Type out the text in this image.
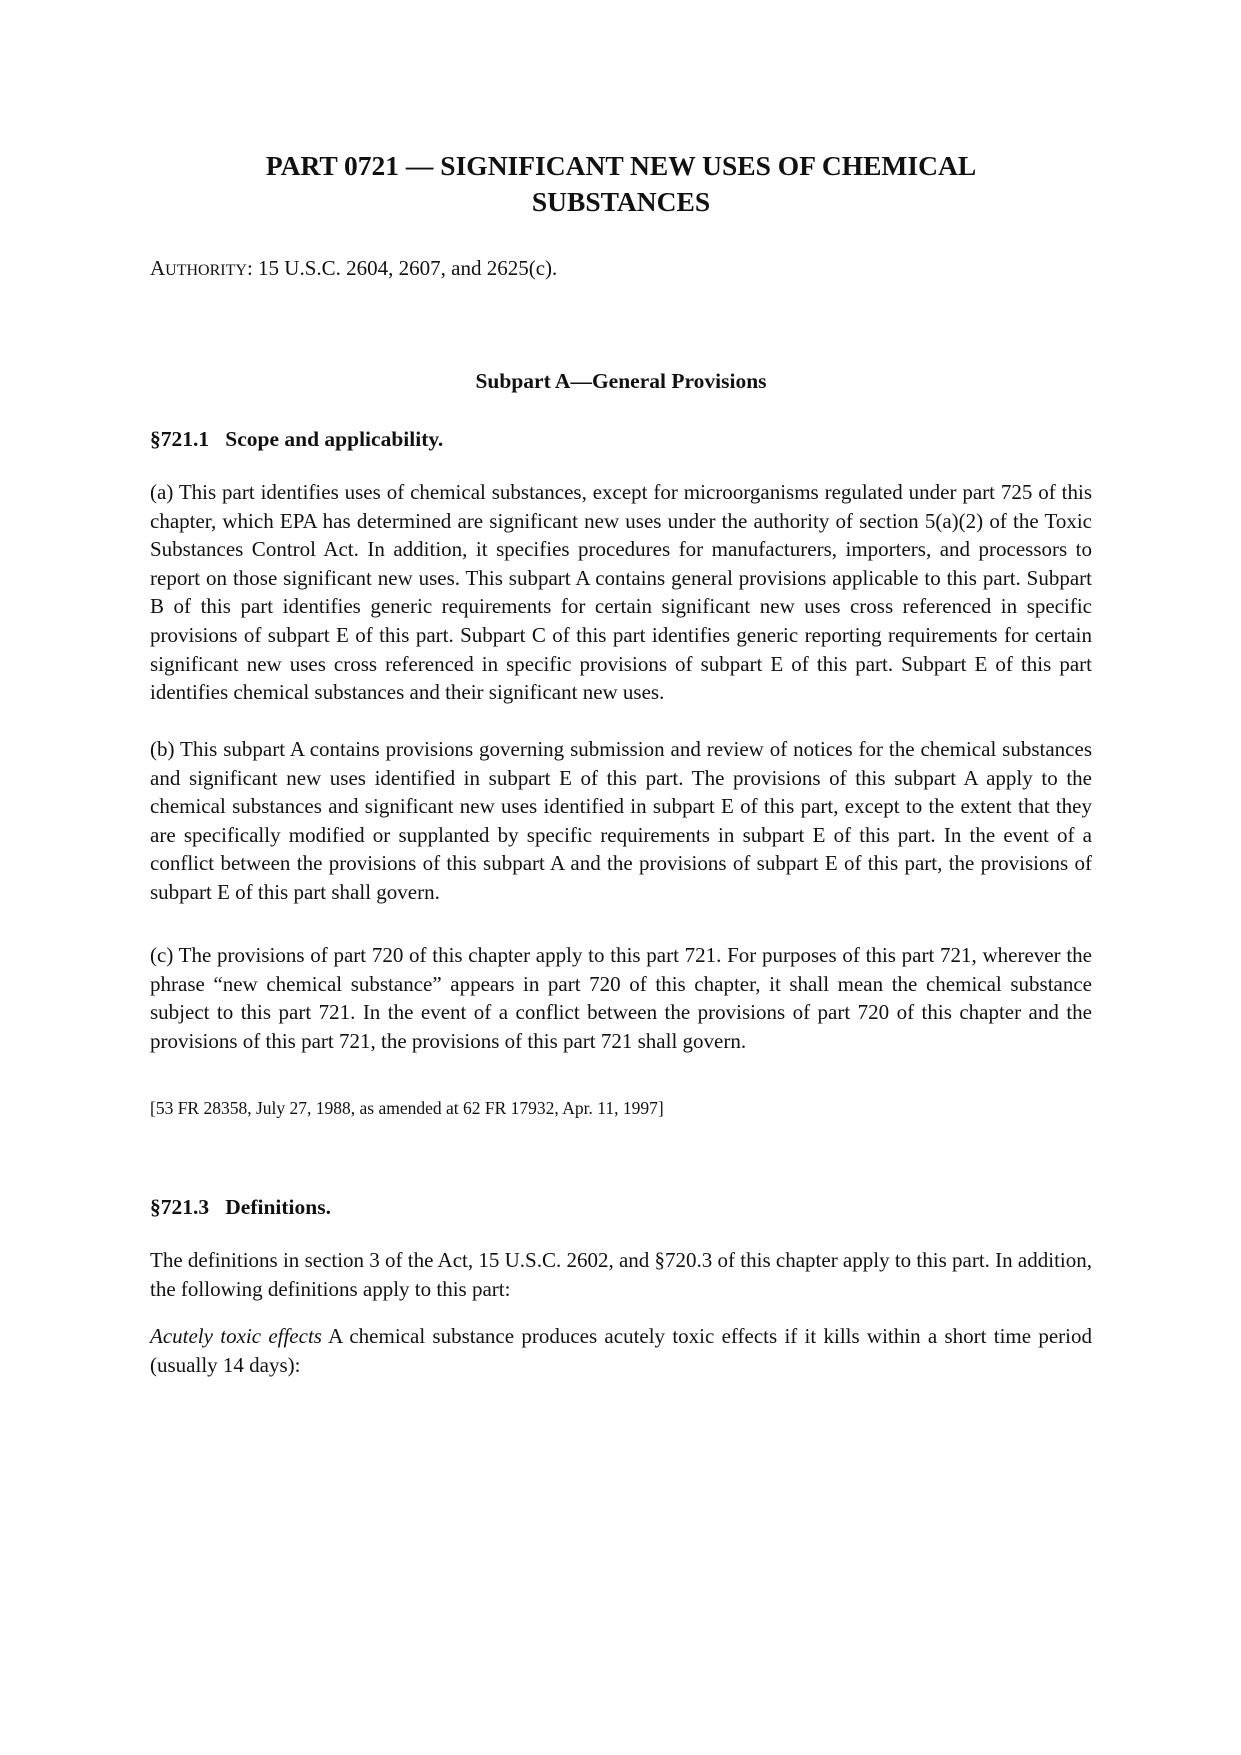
PART 0721 — SIGNIFICANT NEW USES OF CHEMICAL
SUBSTANCES

AUTHORITY: 15 U.S.C. 2604, 2607, and 2625(c).

Subpart A—General Provisions
§721.1   Scope and applicability.

(a) This part identifies uses of chemical substances, except for microorganisms regulated under part 725 of this chapter, which EPA has determined are significant new uses under the authority of section 5(a)(2) of the Toxic Substances Control Act. In addition, it specifies procedures for manufacturers, importers, and processors to report on those significant new uses. This subpart A contains general provisions applicable to this part. Subpart B of this part identifies generic requirements for certain significant new uses cross referenced in specific provisions of subpart E of this part. Subpart C of this part identifies generic reporting requirements for certain significant new uses cross referenced in specific provisions of subpart E of this part. Subpart E of this part identifies chemical substances and their significant new uses.

(b) This subpart A contains provisions governing submission and review of notices for the chemical substances and significant new uses identified in subpart E of this part. The provisions of this subpart A apply to the chemical substances and significant new uses identified in subpart E of this part, except to the extent that they are specifically modified or supplanted by specific requirements in subpart E of this part. In the event of a conflict between the provisions of this subpart A and the provisions of subpart E of this part, the provisions of subpart E of this part shall govern.

(c) The provisions of part 720 of this chapter apply to this part 721. For purposes of this part 721, wherever the phrase “new chemical substance” appears in part 720 of this chapter, it shall mean the chemical substance subject to this part 721. In the event of a conflict between the provisions of part 720 of this chapter and the provisions of this part 721, the provisions of this part 721 shall govern.

[53 FR 28358, July 27, 1988, as amended at 62 FR 17932, Apr. 11, 1997]

§721.3   Definitions.

The definitions in section 3 of the Act, 15 U.S.C. 2602, and §720.3 of this chapter apply to this part. In addition, the following definitions apply to this part:

Acutely toxic effects A chemical substance produces acutely toxic effects if it kills within a short time period (usually 14 days):
